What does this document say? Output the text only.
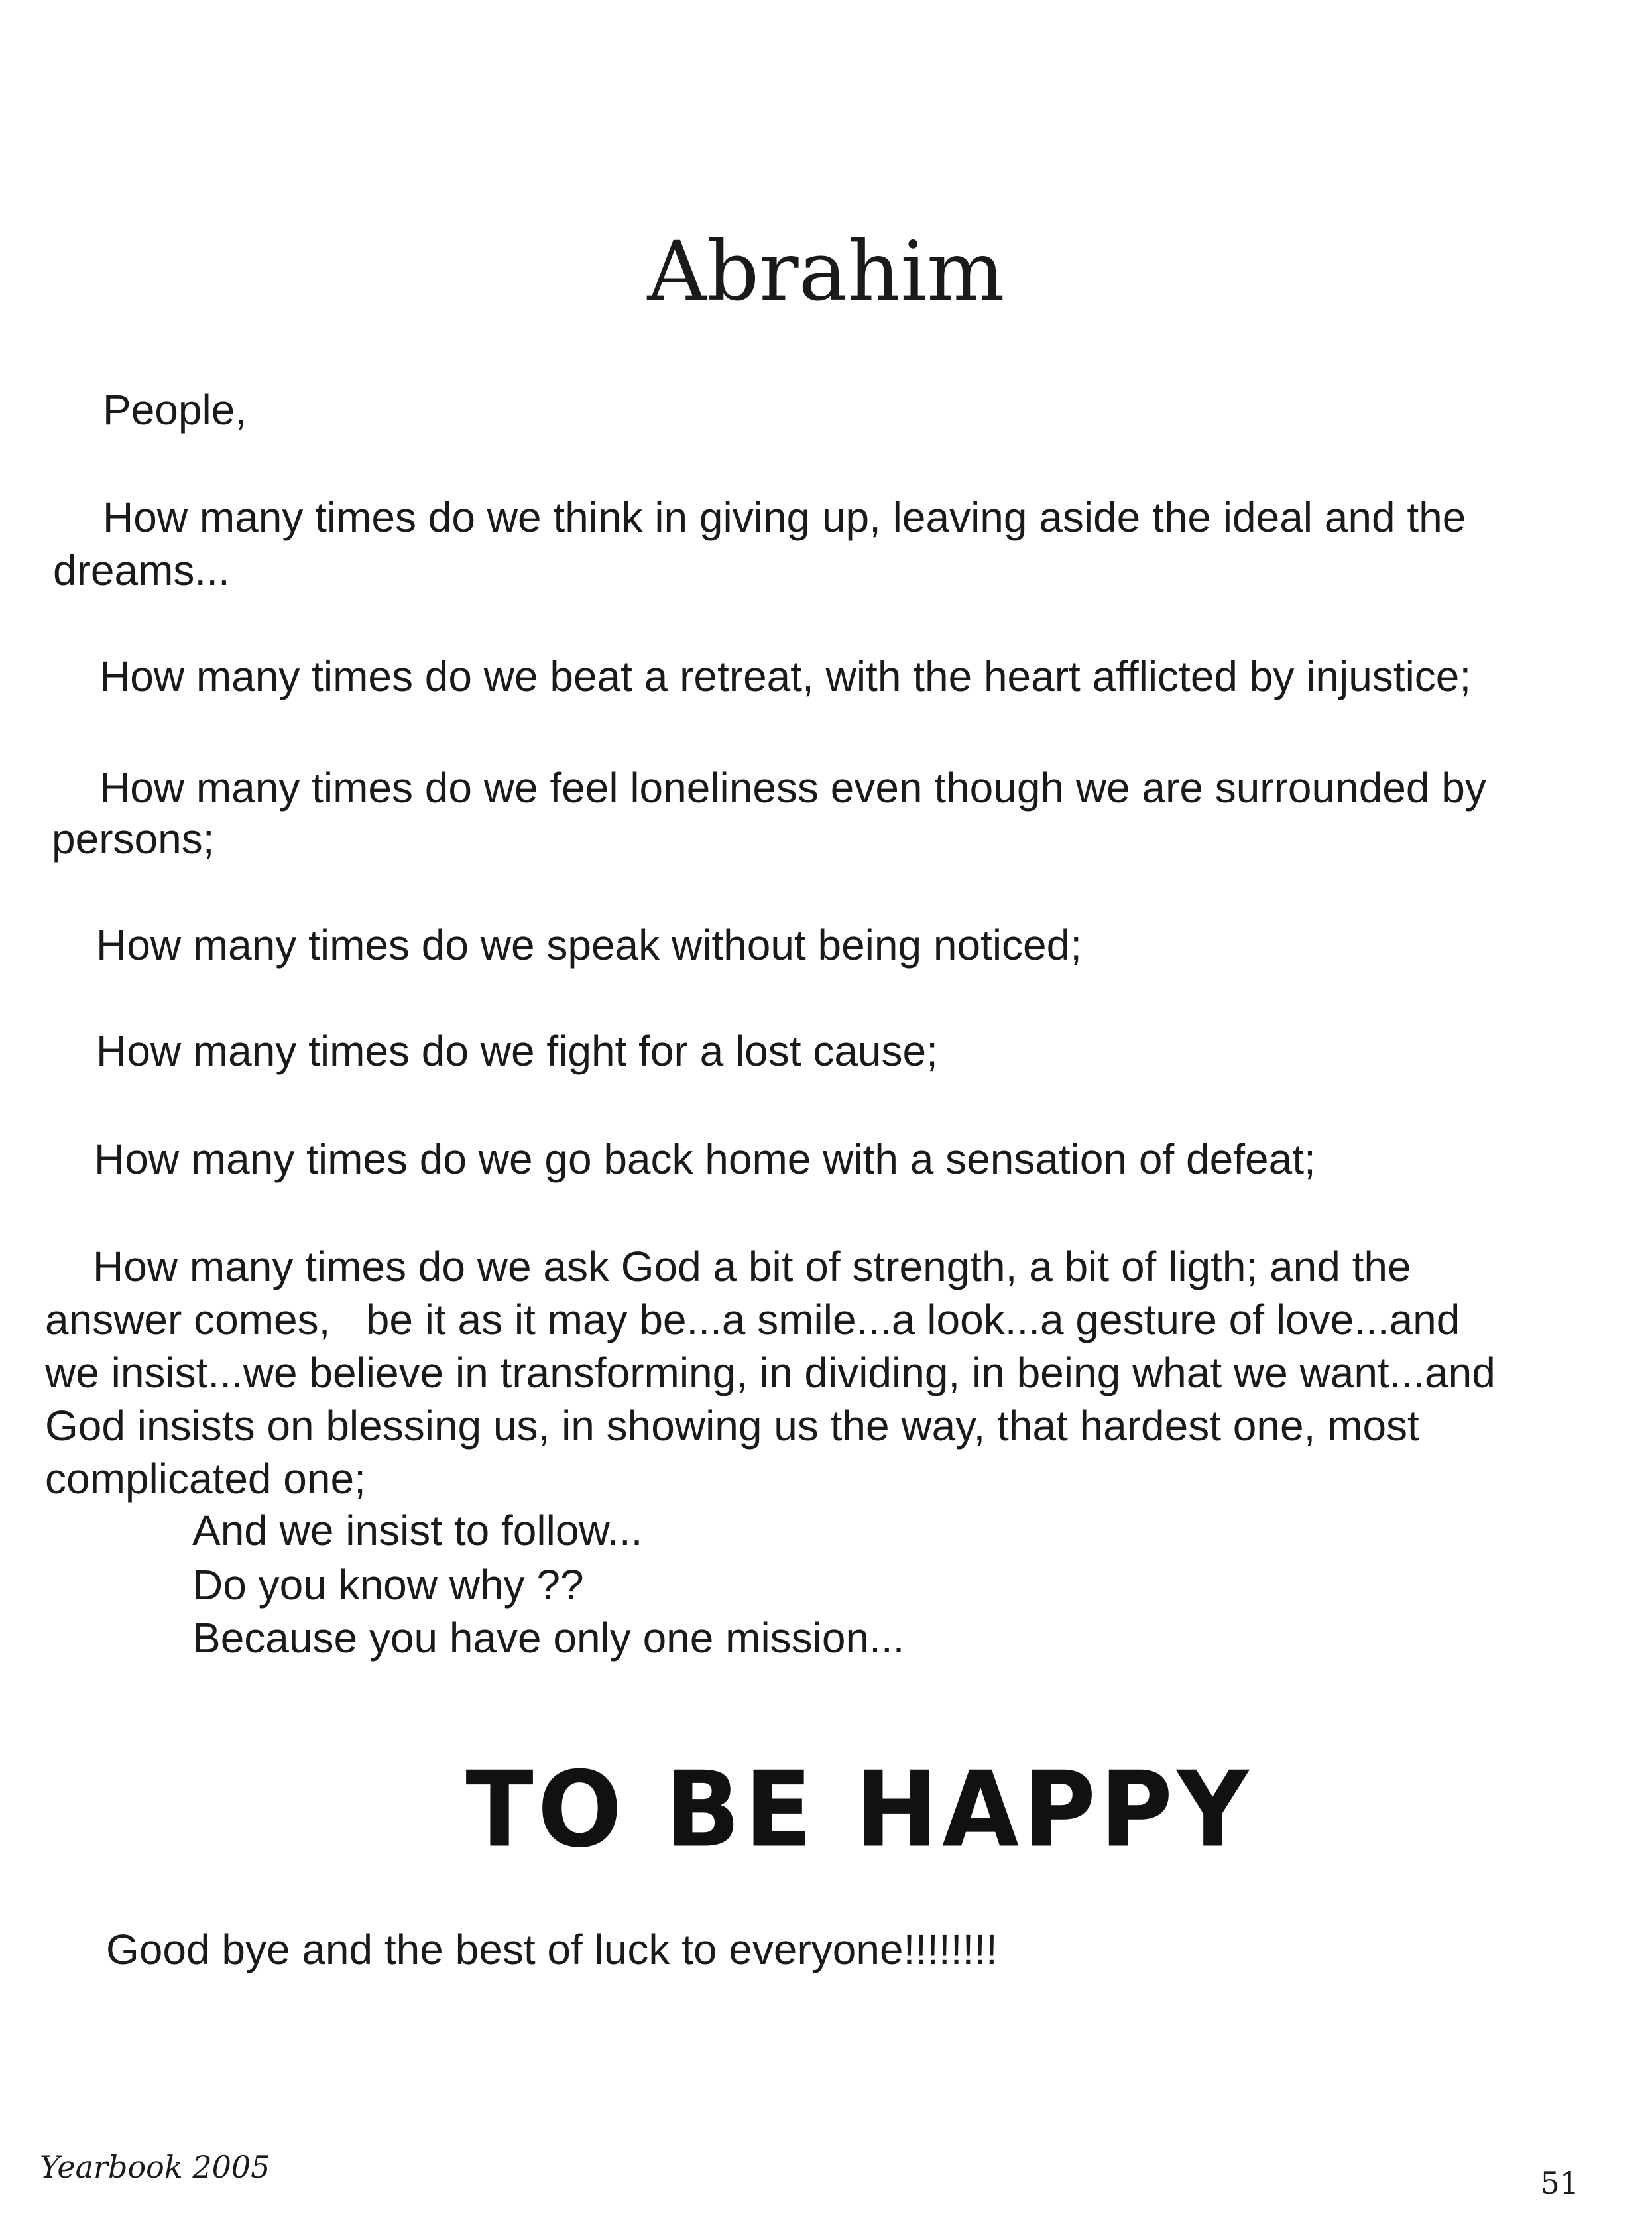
Abrahim
People,
How many times do we think in giving up, leaving aside the ideal and the
dreams...
How many times do we beat a retreat, with the heart afflicted by injustice;
How many times do we feel loneliness even though we are surrounded by
persons;
How many times do we speak without being noticed;
How many times do we fight for a lost cause;
How many times do we go back home with a sensation of defeat;
How many times do we ask God a bit of strength, a bit of ligth; and the
answer comes,   be it as it may be...a smile...a look...a gesture of love...and
we insist...we believe in transforming, in dividing, in being what we want...and
God insists on blessing us, in showing us the way, that hardest one, most
complicated one;
And we insist to follow...
Do you know why ??
Because you have only one mission...
TO BE HAPPY
Good bye and the best of luck to everyone!!!!!!!!
Yearbook 2005	51
